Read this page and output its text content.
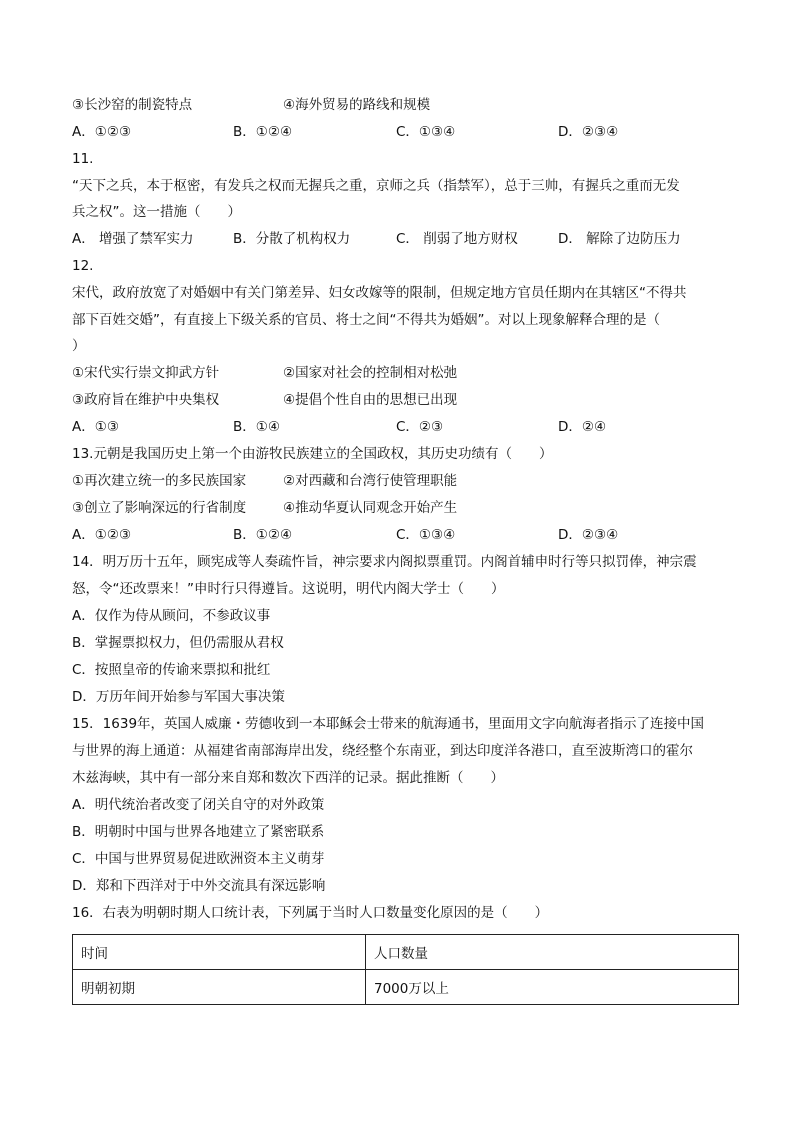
③长沙窑的制瓷特点	④海外贸易的路线和规模
A．①②③	B．①②④	C．①③④	D．②③④
11.
“天下之兵，本于枢密，有发兵之权而无握兵之重，京师之兵（指禁军），总于三帅，有握兵之重而无发
兵之权”。这一措施（　　）
A． 增强了禁军实力	B．分散了机构权力	C． 削弱了地方财权	D． 解除了边防压力
12.
宋代，政府放宽了对婚姻中有关门第差异、妇女改嫁等的限制，但规定地方官员任期内在其辖区“不得共
部下百姓交婚”，有直接上下级关系的官员、将士之间“不得共为婚姻”。对以上现象解释合理的是（
）
①宋代实行崇文抑武方针	②国家对社会的控制相对松弛
③政府旨在维护中央集权	④提倡个性自由的思想已出现
A．①③	B．①④	C．②③	D．②④
13.元朝是我国历史上第一个由游牧民族建立的全国政权，其历史功绩有（　　）
①再次建立统一的多民族国家	②对西藏和台湾行使管理职能
③创立了影响深远的行省制度	④推动华夏认同观念开始产生
A．①②③	B．①②④	C．①③④	D．②③④
14．明万历十五年，顾宪成等人奏疏忤旨，神宗要求内阁拟票重罚。内阁首辅申时行等只拟罚俸，神宗震
怒，令“还改票来！”申时行只得遵旨。这说明，明代内阁大学士（　　）
A．仅作为侍从顾问，不参政议事
B．掌握票拟权力，但仍需服从君权
C．按照皇帝的传谕来票拟和批红
D．万历年间开始参与军国大事决策
15．1639年，英国人威廉・劳德收到一本耶稣会士带来的航海通书，里面用文字向航海者指示了连接中国
与世界的海上通道：从福建省南部海岸出发，绕经整个东南亚，到达印度洋各港口，直至波斯湾口的霍尔
木兹海峡，其中有一部分来自郑和数次下西洋的记录。据此推断（　　）
A．明代统治者改变了闭关自守的对外政策
B．明朝时中国与世界各地建立了紧密联系
C．中国与世界贸易促进欧洲资本主义萌芽
D．郑和下西洋对于中外交流具有深远影响
16．右表为明朝时期人口统计表，下列属于当时人口数量变化原因的是（　　）
时间	人口数量
明朝初期	7000万以上
